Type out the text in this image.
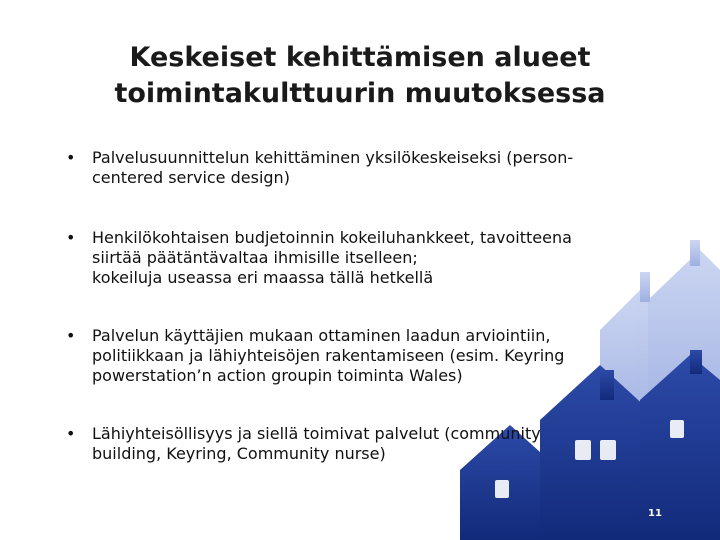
Keskeiset kehittämisen alueet
toimintakulttuurin muutoksessa
• Palvelusuunnittelun kehittäminen yksilökeskeiseksi (person-
centered service design)
• Henkilökohtaisen budjetoinnin kokeiluhankkeet, tavoitteena
siirtää päätäntävaltaa ihmisille itselleen;
kokeiluja useassa eri maassa tällä hetkellä
• Palvelun käyttäjien mukaan ottaminen laadun arviointiin,
politiikkaan ja lähiyhteisöjen rakentamiseen (esim. Keyring
powerstation’n action groupin toiminta Wales)
• Lähiyhteisöllisyys ja siellä toimivat palvelut (community
building, Keyring, Community nurse)
11
